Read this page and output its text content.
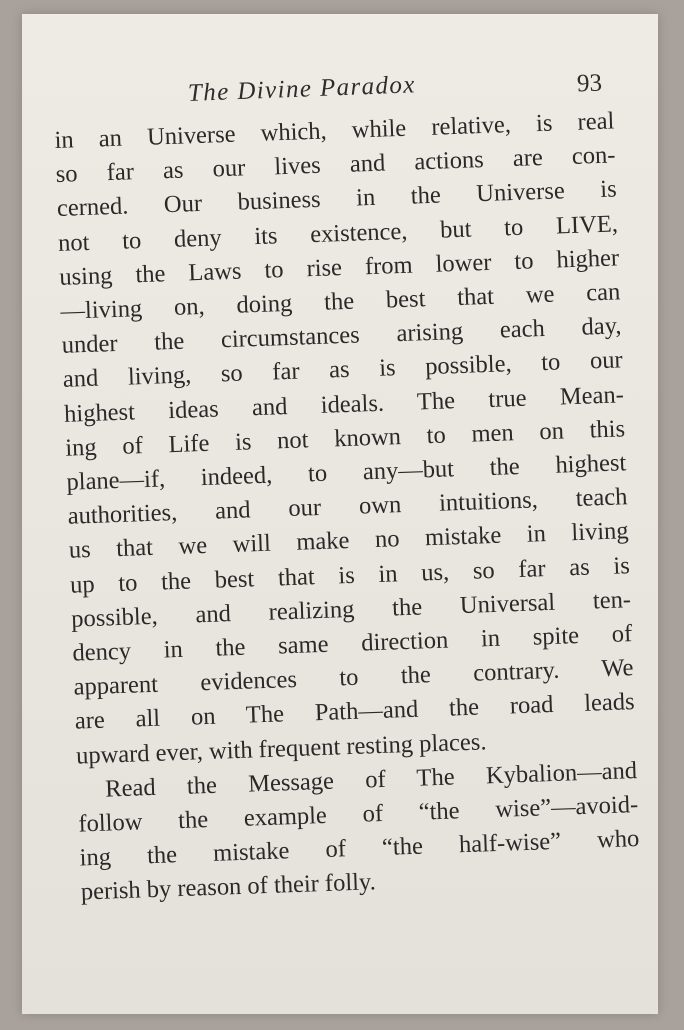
The Divine Paradox	93
in an Universe which, while relative, is real
so far as our lives and actions are con-
cerned. Our business in the Universe is
not to deny its existence, but to LIVE,
using the Laws to rise from lower to higher
—living on, doing the best that we can
under the circumstances arising each day,
and living, so far as is possible, to our
highest ideas and ideals. The true Mean-
ing of Life is not known to men on this
plane—if, indeed, to any—but the highest
authorities, and our own intuitions, teach
us that we will make no mistake in living
up to the best that is in us, so far as is
possible, and realizing the Universal ten-
dency in the same direction in spite of
apparent evidences to the contrary. We
are all on The Path—and the road leads
upward ever, with frequent resting places.
Read the Message of The Kybalion—and
follow the example of “the wise”—avoid-
ing the mistake of “the half-wise” who
perish by reason of their folly.
